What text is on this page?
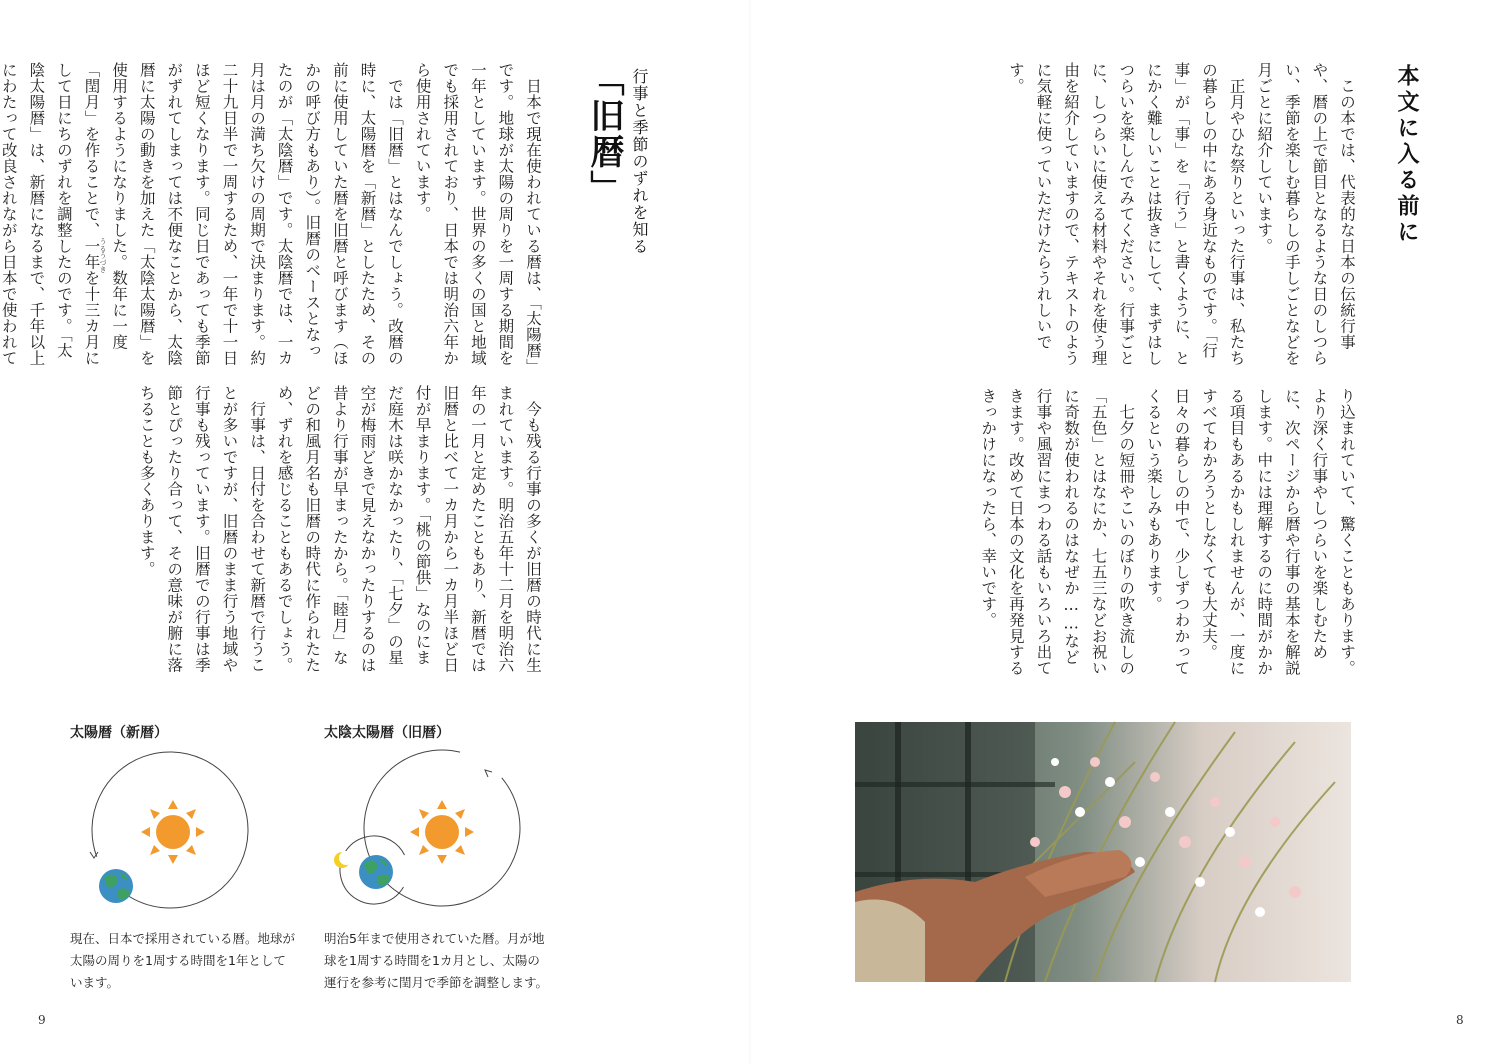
本文に入る前に

この本では、代表的な日本の伝統行事や、暦の上で節目となるような日のしつらい、季節を楽しむ暮らしの手しごとなどを月ごとに紹介しています。

正月やひな祭りといった行事は、私たちの暮らしの中にある身近なものです。「行事」が「事」を「行う」と書くように、とにかく難しいことは抜きにして、まずはしつらいを楽しんでみてください。行事ごとに、しつらいに使える材料やそれを使う理由を紹介していますので、テキストのように気軽に使っていただけたらうれしいです。

り込まれていて、驚くこともあります。より深く行事やしつらいを楽しむために、次ページから暦や行事の基本を解説します。中には理解するのに時間がかかる項目もあるかもしれませんが、一度にすべてわかろうとしなくても大丈夫。日々の暮らしの中で、少しずつわかってくるという楽しみもあります。

七夕の短冊やこいのぼりの吹き流しの「五色」とはなにか、七五三などお祝いに奇数が使われるのはなぜか……など行事や風習にまつわる話もいろいろ出てきます。改めて日本の文化を再発見するきっかけになったら、幸いです。

8
行事と季節のずれを知る
「旧暦」

日本で現在使われている暦は、「太陽暦」です。地球が太陽の周りを一周する期間を一年としています。世界の多くの国と地域でも採用されており、日本では明治六年から使用されています。

では「旧暦」とはなんでしょう。改暦の時に、太陽暦を「新暦」としたため、その前に使用していた暦を旧暦と呼びます（ほかの呼び方もあり）。旧暦のベースとなったのが「太陰暦」です。太陰暦では、一カ月は月の満ち欠けの周期で決まります。約二十九日半で一周するため、一年で十一日ほど短くなります。同じ日であっても季節がずれてしまっては不便なことから、太陰暦に太陽の動きを加えた「太陰太陽暦」を使用するようになりました。数年に一度「閏月」を作ることで、一年を十三カ月にして日にちのずれを調整したのです。「太陰太陽暦」は、新暦になるまで、千年以上にわたって改良されながら日本で使われて

今も残る行事の多くが旧暦の時代に生まれています。明治五年十二月を明治六年の一月と定めたこともあり、新暦では旧暦と比べて一カ月から一カ月半ほど日付が早まります。「桃の節供」なのにまだ庭木は咲かなかったり、「七夕」の星空が梅雨どきで見えなかったりするのは昔より行事が早まったから。「睦月」などの和風月名も旧暦の時代に作られたため、ずれを感じることもあるでしょう。

行事は、日付を合わせて新暦で行うことが多いですが、旧暦のまま行う地域や行事も残っています。旧暦での行事は季節とぴったり合って、その意味が腑に落ちることも多くあります。

うるうづき
太陽暦（新暦）
現在、日本で採用されている暦。地球が
太陽の周りを1周する時間を1年として
います。
太陰太陽暦（旧暦）
明治5年まで使用されていた暦。月が地
球を1周する時間を1カ月とし、太陽の
運行を参考に閏月で季節を調整します。
9
